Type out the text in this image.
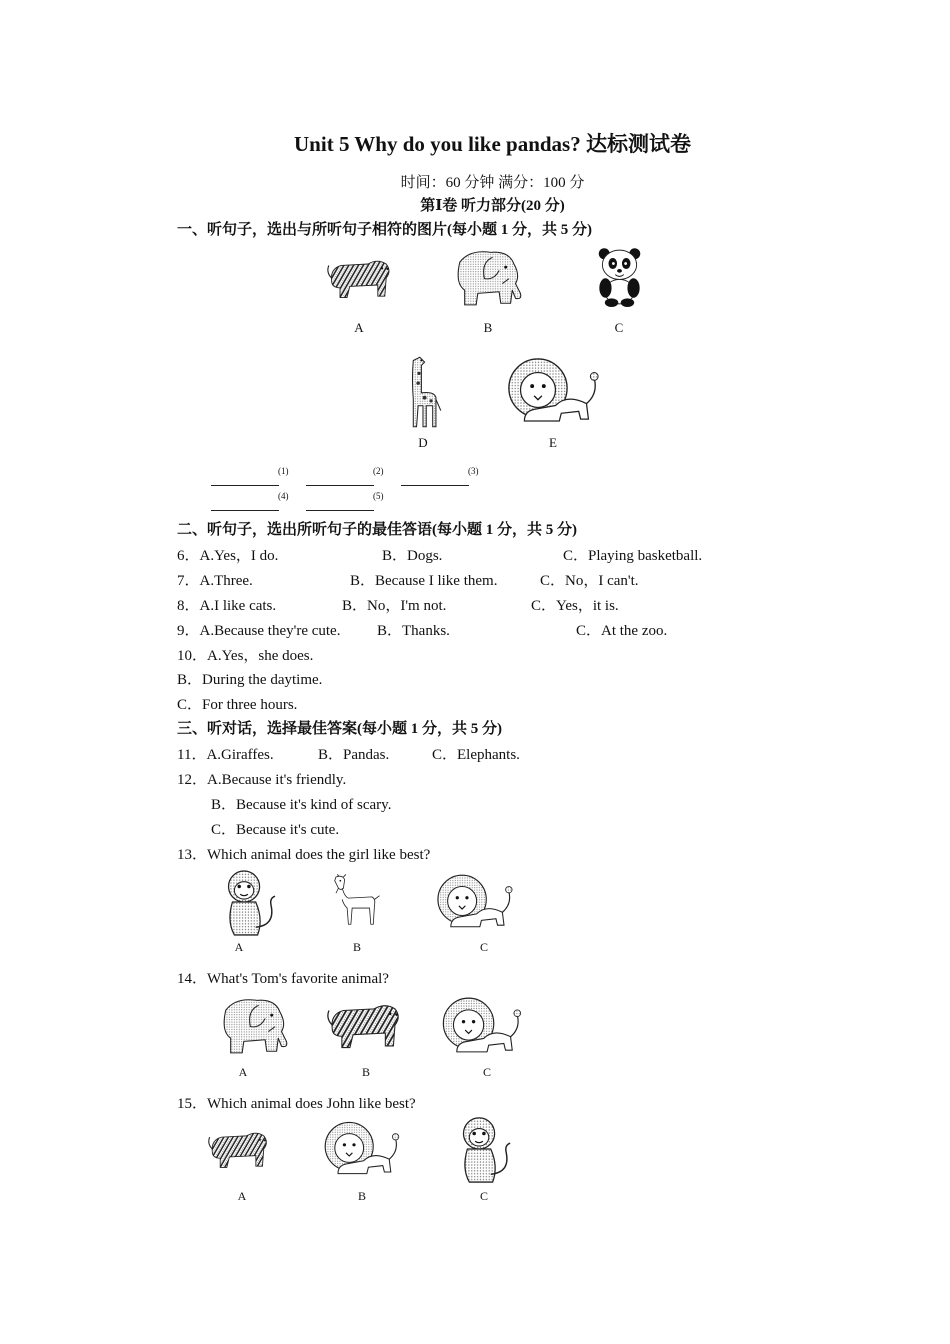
Unit 5 Why do you like pandas? 达标测试卷
时间：60 分钟 满分：100 分
第Ⅰ卷 听力部分(20 分)
一、听句子，选出与所听句子相符的图片(每小题 1 分，共 5 分)
A	B	C
D	E
(1)	(2)	(3)
(4)	(5)
二、听句子，选出所听句子的最佳答语(每小题 1 分，共 5 分)
6．A.Yes，I do.	B．Dogs.	C．Playing basketball.
7．A.Three.	B．Because I like them.	C．No，I can't.
8．A.I like cats.	B．No，I'm not.	C．Yes，it is.
9．A.Because they're cute. B．Thanks.	C．At the zoo.
10．A.Yes，she does.
B．During the daytime.
C．For three hours.
三、听对话，选择最佳答案(每小题 1 分，共 5 分)
11．A.Giraffes.	B．Pandas.	C．Elephants.
12．A.Because it's friendly.
B．Because it's kind of scary.
C．Because it's cute.
13．Which animal does the girl like best?
A	B	C
14．What's Tom's favorite animal?
A	B	C
15．Which animal does John like best?
A	B	C
